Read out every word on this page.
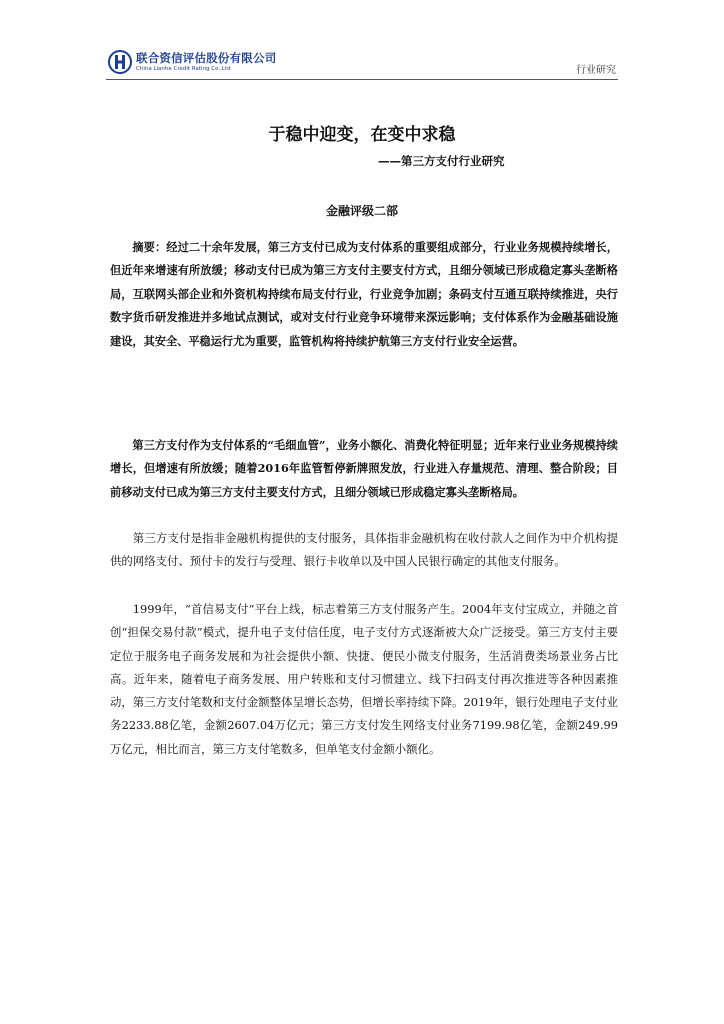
联合资信评估股份有限公司
China Lianhe Credit Rating Co.,Ltd	行业研究
于稳中迎变，在变中求稳
——第三方支付行业研究
金融评级二部

摘要：经过二十余年发展，第三方支付已成为支付体系的重要组成部分，行业业务规模持续增长，但近年来增速有所放缓；移动支付已成为第三方支付主要支付方式，且细分领域已形成稳定寡头垄断格局，互联网头部企业和外资机构持续布局支付行业，行业竞争加剧；条码支付互通互联持续推进，央行数字货币研发推进并多地试点测试，或对支付行业竞争环境带来深远影响；支付体系作为金融基础设施建设，其安全、平稳运行尤为重要，监管机构将持续护航第三方支付行业安全运营。

第三方支付作为支付体系的“毛细血管”，业务小额化、消费化特征明显；近年来行业业务规模持续增长，但增速有所放缓；随着2016年监管暂停新牌照发放，行业进入存量规范、清理、整合阶段；目前移动支付已成为第三方支付主要支付方式，且细分领域已形成稳定寡头垄断格局。

第三方支付是指非金融机构提供的支付服务，具体指非金融机构在收付款人之间作为中介机构提供的网络支付、预付卡的发行与受理、银行卡收单以及中国人民银行确定的其他支付服务。

1999年，“首信易支付”平台上线，标志着第三方支付服务产生。2004年支付宝成立，并随之首创“担保交易付款”模式，提升电子支付信任度，电子支付方式逐渐被大众广泛接受。第三方支付主要定位于服务电子商务发展和为社会提供小额、快捷、便民小微支付服务，生活消费类场景业务占比高。近年来，随着电子商务发展、用户转账和支付习惯建立、线下扫码支付再次推进等各种因素推动，第三方支付笔数和支付金额整体呈增长态势，但增长率持续下降。2019年，银行处理电子支付业务2233.88亿笔，金额2607.04万亿元；第三方支付发生网络支付业务7199.98亿笔，金额249.99万亿元，相比而言，第三方支付笔数多，但单笔支付金额小额化。
